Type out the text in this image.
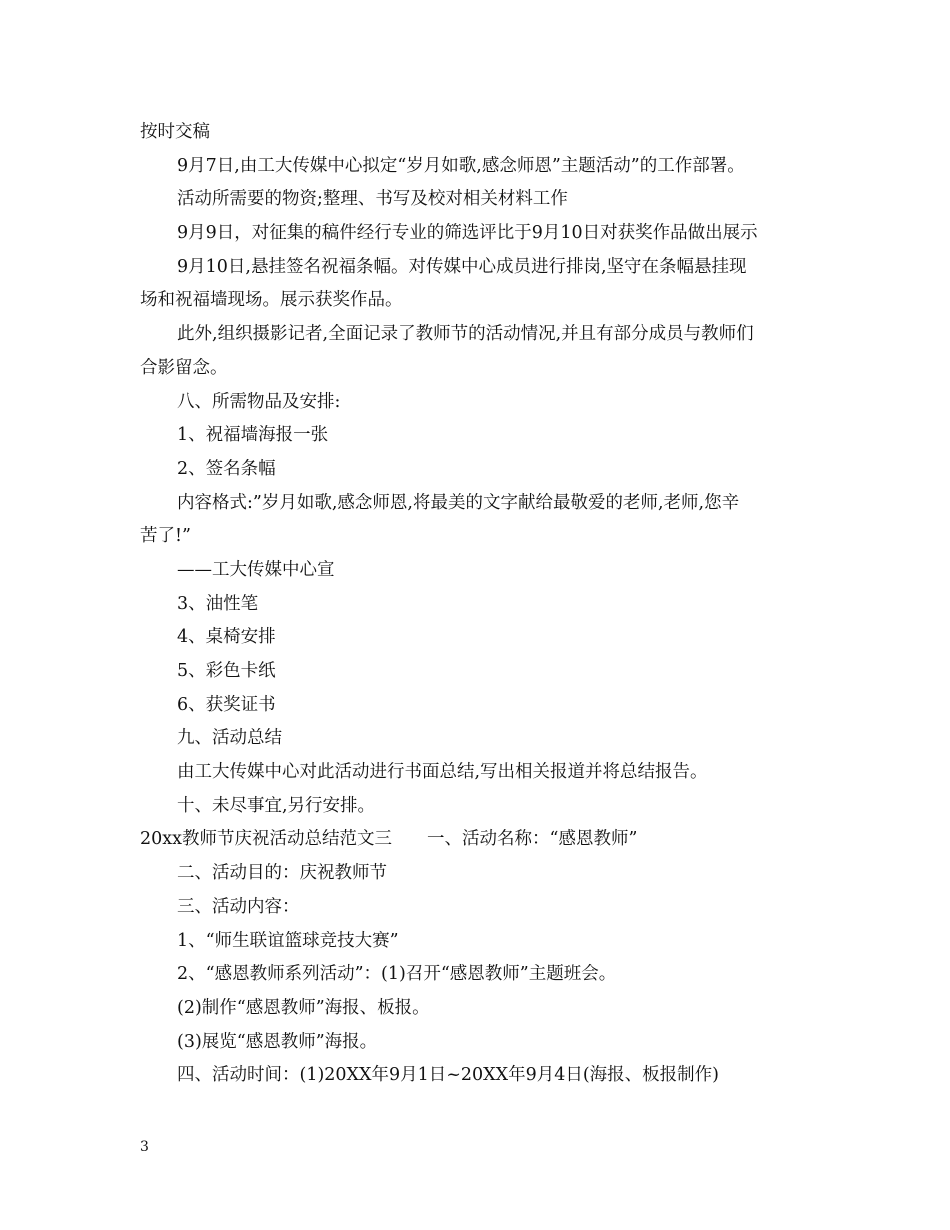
按时交稿
9月7日,由工大传媒中心拟定“岁月如歌,感念师恩”主题活动”的工作部署。
活动所需要的物资;整理、书写及校对相关材料工作
9月9日，对征集的稿件经行专业的筛选评比于9月10日对获奖作品做出展示
9月10日,悬挂签名祝福条幅。对传媒中心成员进行排岗,坚守在条幅悬挂现
场和祝福墙现场。展示获奖作品。
此外,组织摄影记者,全面记录了教师节的活动情况,并且有部分成员与教师们
合影留念。
八、所需物品及安排:
1、祝福墙海报一张
2、签名条幅
内容格式:”岁月如歌,感念师恩,将最美的文字献给最敬爱的老师,老师,您辛
苦了!”
——工大传媒中心宣
3、油性笔
4、桌椅安排
5、彩色卡纸
6、获奖证书
九、活动总结
由工大传媒中心对此活动进行书面总结,写出相关报道并将总结报告。
十、未尽事宜,另行安排。
20xx教师节庆祝活动总结范文三　　一、活动名称：“感恩教师”
二、活动目的：庆祝教师节
三、活动内容：
1、“师生联谊篮球竞技大赛”
2、“感恩教师系列活动”：(1)召开“感恩教师”主题班会。
(2)制作“感恩教师”海报、板报。
(3)展览“感恩教师”海报。
四、活动时间：(1)20XX年9月1日~20XX年9月4日(海报、板报制作)
3
